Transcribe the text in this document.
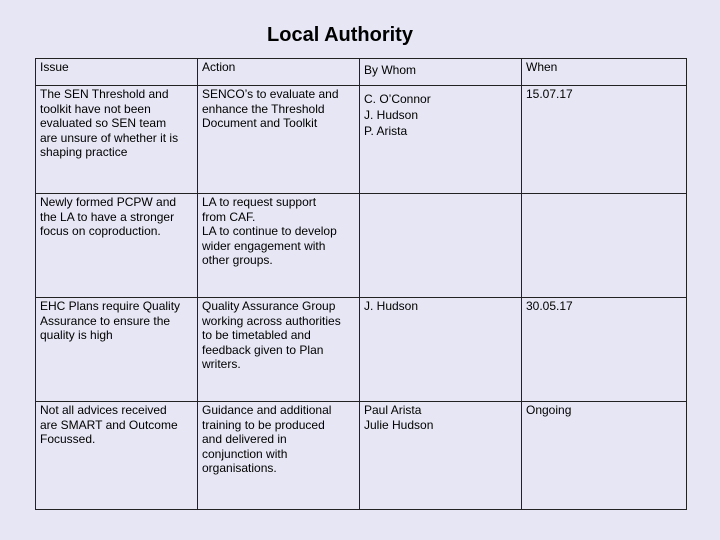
Local Authority
Issue	Action	By Whom	When

The SEN Threshold and
toolkit have not been
evaluated so SEN team
are unsure of whether it is
shaping practice	SENCO’s to evaluate and
enhance the Threshold
Document and Toolkit	C. O’Connor
J. Hudson
P. Arista	15.07.17

Newly formed PCPW and
the LA to have a stronger
focus on coproduction.	LA to request support
from CAF.
LA to continue to develop
wider engagement with
other groups.		

EHC Plans require Quality
Assurance to ensure the
quality is high	Quality Assurance Group
working across authorities
to be timetabled and
feedback given to Plan
writers.	J. Hudson	30.05.17

Not all advices received
are SMART and Outcome
Focussed.	Guidance and additional
training to be produced
and delivered in
conjunction with
organisations.	Paul Arista
Julie Hudson	Ongoing
